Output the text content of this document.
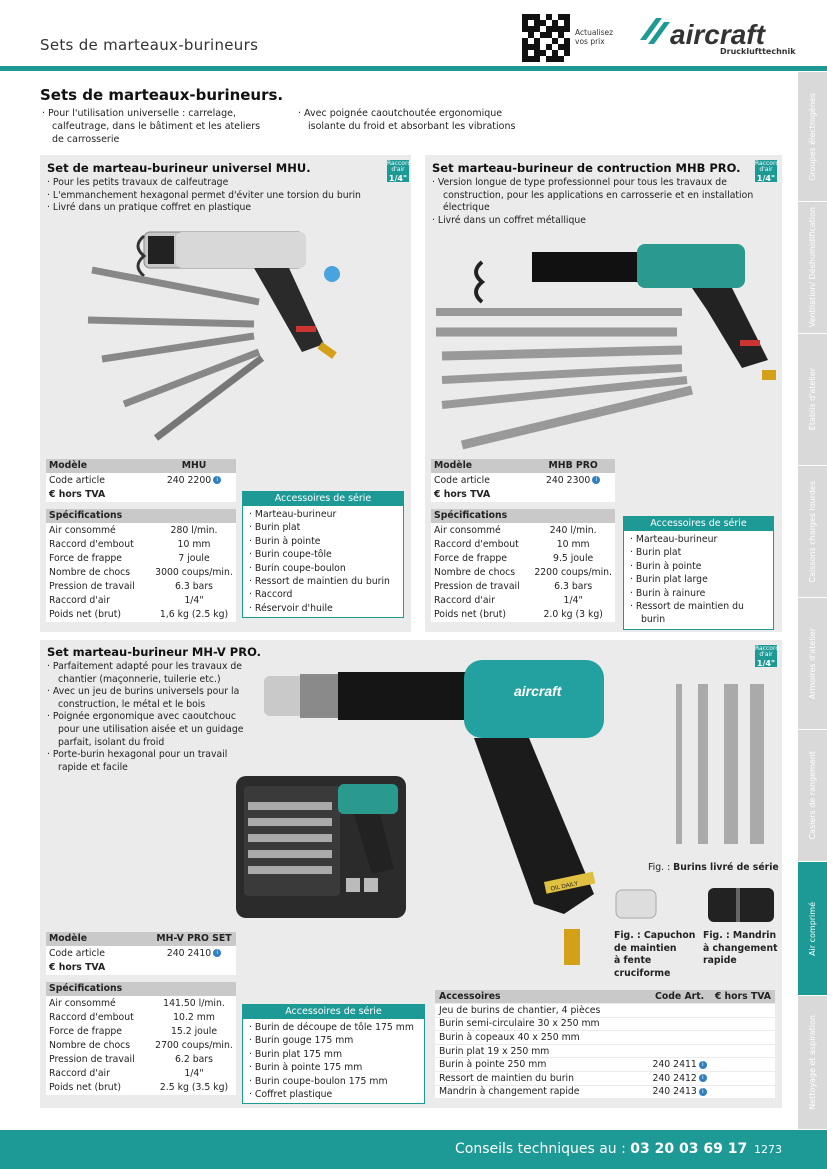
Sets de marteaux-burineurs
Actualisez
vos prix aircraft
Drucklufttechnik
Groupes électrogènes
Ventilation/ Déshumidification
Établis d'atelier
Caissons charges lourdes
Armoires d'atelier
Casiers de rangement
Air comprimé
Nettoyage et aspiration
Sets de marteaux-burineurs.
· Pour l'utilisation universelle : carrelage, calfeutrage, dans le bâtiment et les ateliers de carrosserie
· Avec poignée caoutchoutée ergonomique isolante du froid et absorbant les vibrations
Set de marteau-burineur universel MHU.	Raccord d'air
1/4"
· Pour les petits travaux de calfeutrage
· L'emmanchement hexagonal permet d'éviter une torsion du burin
· Livré dans un pratique coffret en plastique
Modèle	MHU
Code article	240 2200 i
€ hors TVA	

Spécifications	
Air consommé	280 l/min.
Raccord d'embout	10 mm
Force de frappe	7 joule
Nombre de chocs	3000 coups/min.
Pression de travail	6.3 bars
Raccord d'air	1/4"
Poids net (brut)	1,6 kg (2.5 kg)
Accessoires de série
· Marteau-burineur
· Burin plat
· Burin à pointe
· Burin coupe-tôle
· Burin coupe-boulon
· Ressort de maintien du burin
· Raccord
· Réservoir d'huile
Set marteau-burineur de contruction MHB PRO. Raccord d'air
1/4"
· Version longue de type professionnel pour tous les travaux de construction, pour les applications en carrosserie et en installation électrique
· Livré dans un coffret métallique
Modèle	MHB PRO
Code article	240 2300 i
€ hors TVA	

Spécifications	
Air consommé	240 l/min.
Raccord d'embout	10 mm
Force de frappe	9.5 joule
Nombre de chocs	2200 coups/min.
Pression de travail	6.3 bars
Raccord d'air	1/4"
Poids net (brut)	2.0 kg (3 kg)
Accessoires de série
· Marteau-burineur
· Burin plat
· Burin à pointe
· Burin plat large
· Burin à rainure
· Ressort de maintien du burin
Set marteau-burineur MH-V PRO.	Raccord d'air
1/4"
· Parfaitement adapté pour les travaux de chantier (maçonnerie, tuilerie etc.)
· Avec un jeu de burins universels pour la construction, le métal et le bois
· Poignée ergonomique avec caoutchouc pour une utilisation aisée et un guidage parfait, isolant du froid
· Porte-burin hexagonal pour un travail rapide et facile
aircraft
OIL DAILY
Fig. : Burins livré de série
Fig. : Capuchon
de maintien
à fente
cruciforme
Fig. : Mandrin
à changement
rapide
Modèle	MH-V PRO SET
Code article	240 2410 i
€ hors TVA	

Spécifications	
Air consommé	141.50 l/min.
Raccord d'embout	10.2 mm
Force de frappe	15.2 joule
Nombre de chocs	2700 coups/min.
Pression de travail	6.2 bars
Raccord d'air	1/4"
Poids net (brut)	2.5 kg (3.5 kg)
Accessoires de série
· Burin de découpe de tôle 175 mm
· Burin gouge 175 mm
· Burin plat 175 mm
· Burin à pointe 175 mm
· Burin coupe-boulon 175 mm
· Coffret plastique
Accessoires	Code Art.	€ hors TVA
Jeu de burins de chantier, 4 pièces		
Burin semi-circulaire 30 x 250 mm		
Burin à copeaux 40 x 250 mm		
Burin plat 19 x 250 mm		
Burin à pointe 250 mm	240 2411 i	
Ressort de maintien du burin	240 2412 i	
Mandrin à changement rapide	240 2413 i	
Conseils techniques au : 03 20 03 69 17 1273
